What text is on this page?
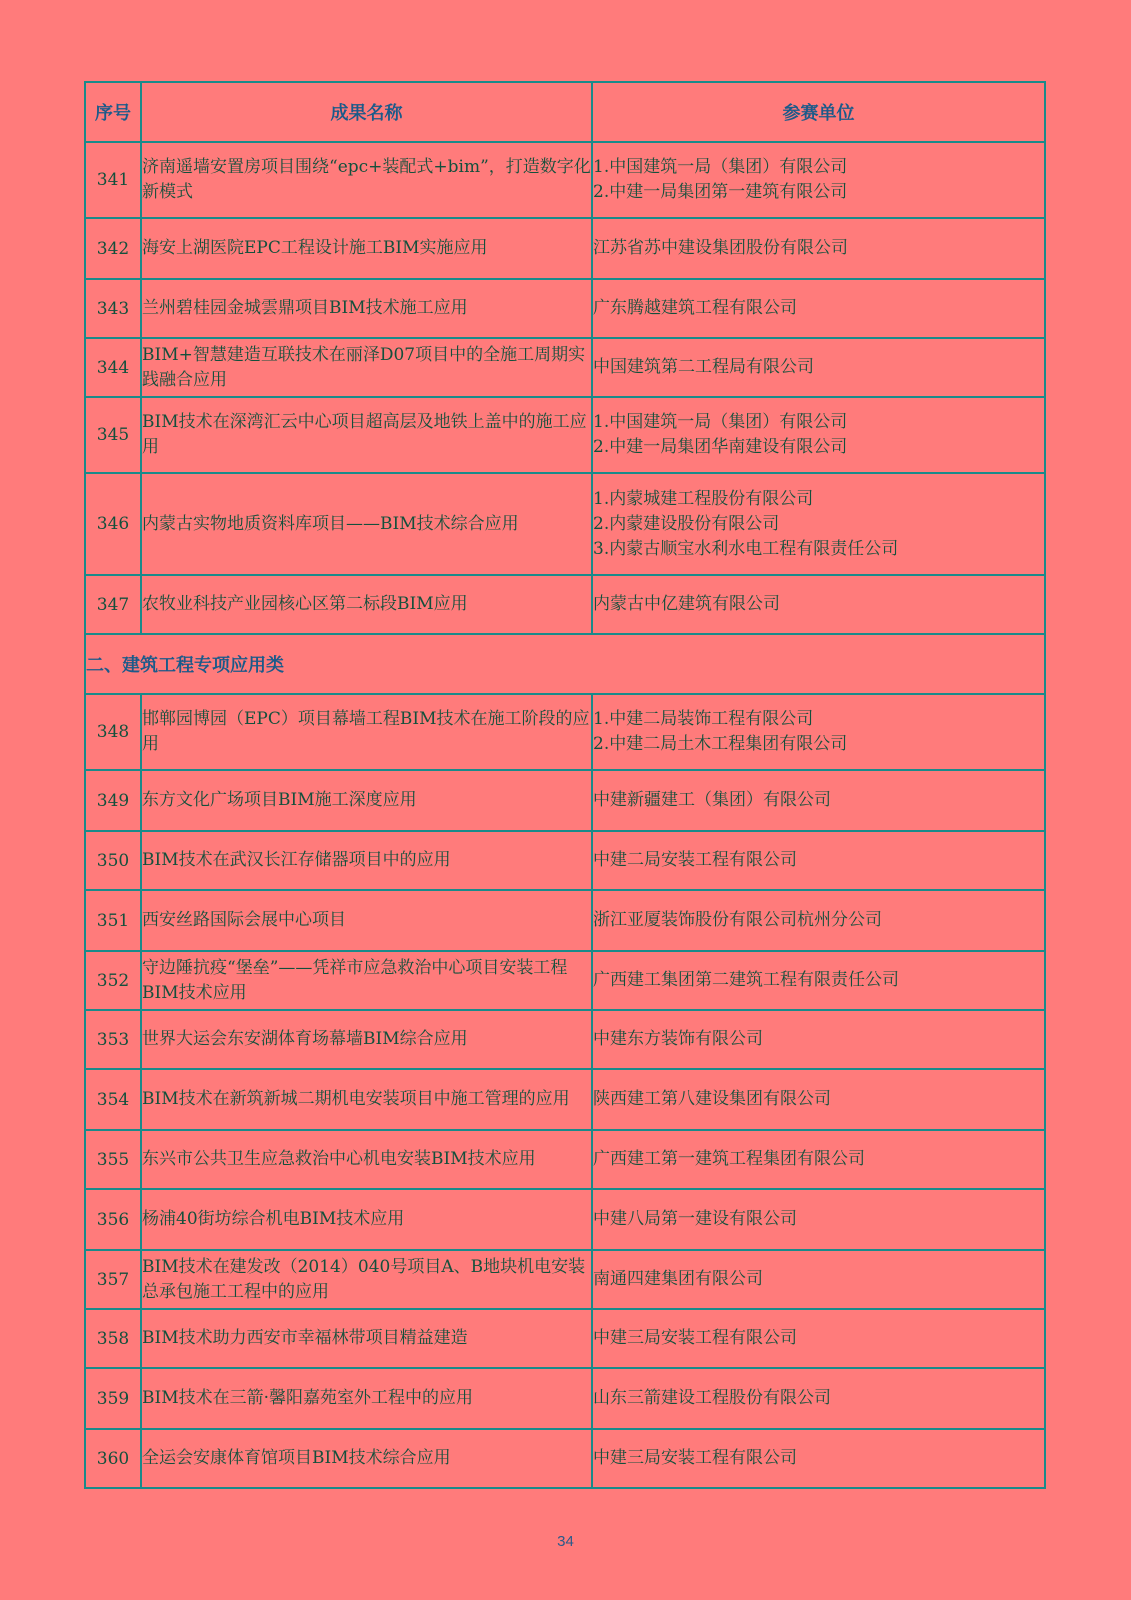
序号	成果名称	参赛单位
341	济南遥墙安置房项目围绕“epc+装配式+bim”，打造数字化新模式	1.中国建筑一局（集团）有限公司
2.中建一局集团第一建筑有限公司

342	海安上湖医院EPC工程设计施工BIM实施应用	江苏省苏中建设集团股份有限公司

343	兰州碧桂园金城雲鼎项目BIM技术施工应用	广东腾越建筑工程有限公司

344	BIM+智慧建造互联技术在丽泽D07项目中的全施工周期实践融合应用	中国建筑第二工程局有限公司

345	BIM技术在深湾汇云中心项目超高层及地铁上盖中的施工应用	1.中国建筑一局（集团）有限公司
2.中建一局集团华南建设有限公司

346	内蒙古实物地质资料库项目——BIM技术综合应用	1.内蒙城建工程股份有限公司
2.内蒙建设股份有限公司
3.内蒙古顺宝水利水电工程有限责任公司

347	农牧业科技产业园核心区第二标段BIM应用	内蒙古中亿建筑有限公司

二、建筑工程专项应用类		
348	邯郸园博园（EPC）项目幕墙工程BIM技术在施工阶段的应用	1.中建二局装饰工程有限公司
2.中建二局土木工程集团有限公司

349	东方文化广场项目BIM施工深度应用	中建新疆建工（集团）有限公司

350	BIM技术在武汉长江存储器项目中的应用	中建二局安装工程有限公司

351	西安丝路国际会展中心项目	浙江亚厦装饰股份有限公司杭州分公司

352	守边陲抗疫“堡垒”——凭祥市应急救治中心项目安装工程BIM技术应用	广西建工集团第二建筑工程有限责任公司

353	世界大运会东安湖体育场幕墙BIM综合应用	中建东方装饰有限公司

354	BIM技术在新筑新城二期机电安装项目中施工管理的应用	陕西建工第八建设集团有限公司

355	东兴市公共卫生应急救治中心机电安装BIM技术应用	广西建工第一建筑工程集团有限公司

356	杨浦40街坊综合机电BIM技术应用	中建八局第一建设有限公司

357	BIM技术在建发改（2014）040号项目A、B地块机电安装总承包施工工程中的应用	南通四建集团有限公司

358	BIM技术助力西安市幸福林带项目精益建造	中建三局安装工程有限公司

359	BIM技术在三箭·馨阳嘉苑室外工程中的应用	山东三箭建设工程股份有限公司

360	全运会安康体育馆项目BIM技术综合应用	中建三局安装工程有限公司
34
